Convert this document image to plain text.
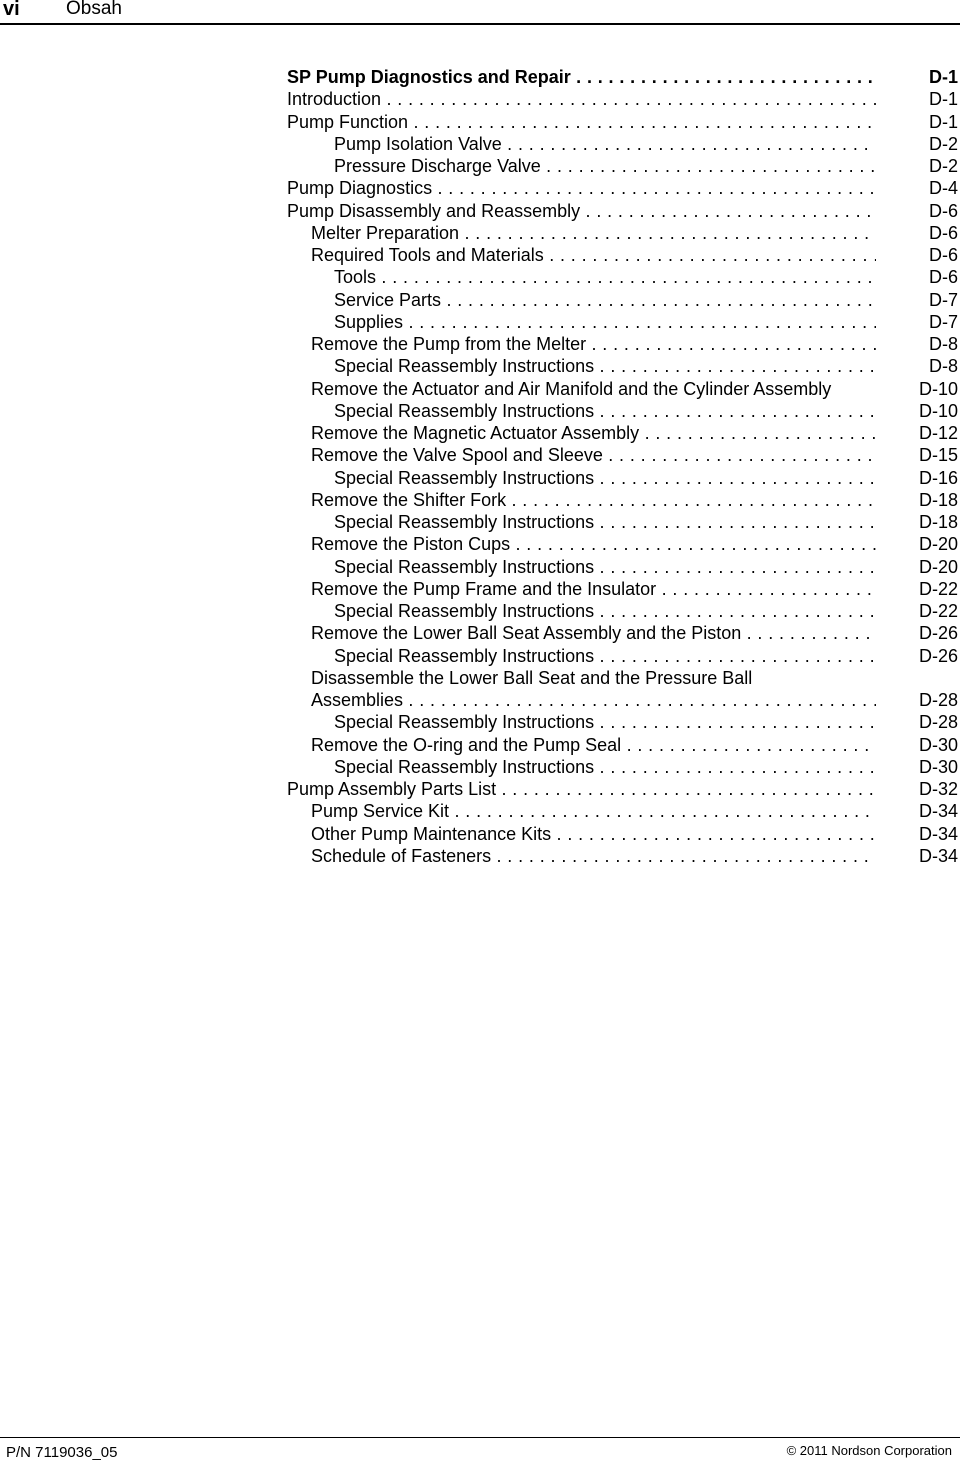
vi Obsah
SP Pump Diagnostics and Repair . . .	D-1
Introduction . . .	D-1
Pump Function . . .	D-1
Pump Isolation Valve . . .	D-2
Pressure Discharge Valve . . .	D-2
Pump Diagnostics . . .	D-4
Pump Disassembly and Reassembly . . .	D-6
Melter Preparation . . .	D-6
Required Tools and Materials . . .	D-6
Tools . . .	D-6
Service Parts . . .	D-7
Supplies . . .	D-7
Remove the Pump from the Melter . . .	D-8
Special Reassembly Instructions . . .	D-8
Remove the Actuator and Air Manifold and the Cylinder Assembly	D-10
Special Reassembly Instructions . . .	D-10
Remove the Magnetic Actuator Assembly . . .	D-12
Remove the Valve Spool and Sleeve . . .	D-15
Special Reassembly Instructions . . .	D-16
Remove the Shifter Fork . . .	D-18
Special Reassembly Instructions . . .	D-18
Remove the Piston Cups . . .	D-20
Special Reassembly Instructions . . .	D-20
Remove the Pump Frame and the Insulator . . .	D-22
Special Reassembly Instructions . . .	D-22
Remove the Lower Ball Seat Assembly and the Piston . . .	D-26
Special Reassembly Instructions . . .	D-26
Disassemble the Lower Ball Seat and the Pressure Ball
Assemblies . . .	D-28
Special Reassembly Instructions . . .	D-28
Remove the O-ring and the Pump Seal . . .	D-30
Special Reassembly Instructions . . .	D-30
Pump Assembly Parts List . . .	D-32
Pump Service Kit . . .	D-34
Other Pump Maintenance Kits . . .	D-34
Schedule of Fasteners . . .	D-34
P/N 7119036_05	© 2011 Nordson Corporation
